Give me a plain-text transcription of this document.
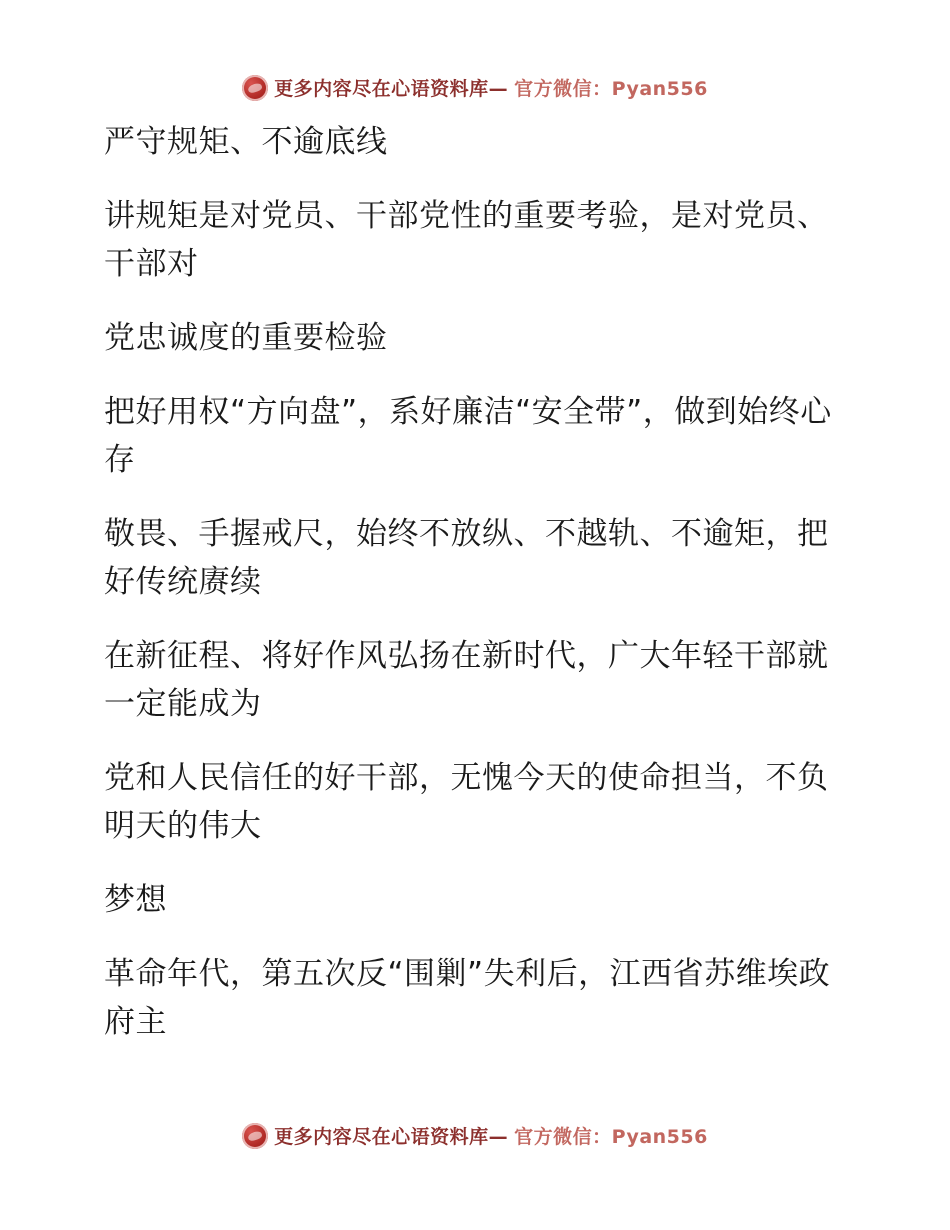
更多内容尽在心语资料库— 官方微信：Pyan556

严守规矩、不逾底线

讲规矩是对党员、干部党性的重要考验，是对党员、干部对

党忠诚度的重要检验

把好用权“方向盘”，系好廉洁“安全带”，做到始终心存

敬畏、手握戒尺，始终不放纵、不越轨、不逾矩，把好传统赓续

在新征程、将好作风弘扬在新时代，广大年轻干部就一定能成为

党和人民信任的好干部，无愧今天的使命担当，不负明天的伟大

梦想

革命年代，第五次反“围剿”失利后，江西省苏维埃政府主

更多内容尽在心语资料库— 官方微信：Pyan556
